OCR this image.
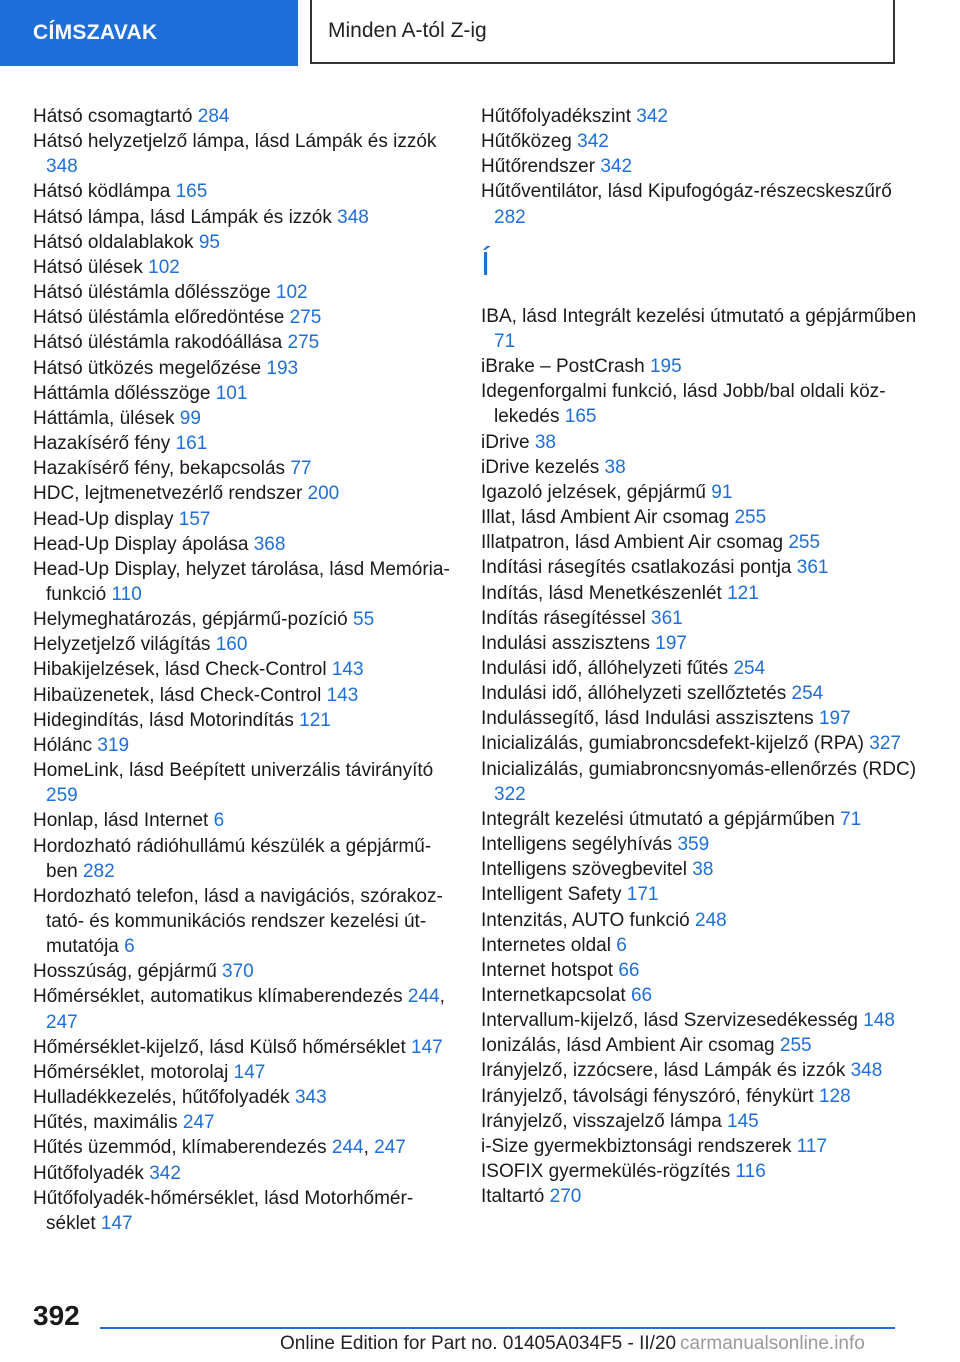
CÍMSZAVAK	Minden A-tól Z-ig
Hátsó csomagtartó 284
Hátsó helyzetjelző lámpa, lásd Lámpák és izzók 348
Hátsó ködlámpa 165
Hátsó lámpa, lásd Lámpák és izzók 348
Hátsó oldalablakok 95
Hátsó ülések 102
Hátsó üléstámla dőlésszöge 102
Hátsó üléstámla előredöntése 275
Hátsó üléstámla rakodóállása 275
Hátsó ütközés megelőzése 193
Háttámla dőlésszöge 101
Háttámla, ülések 99
Hazakísérő fény 161
Hazakísérő fény, bekapcsolás 77
HDC, lejtmenetvezérlő rendszer 200
Head-Up display 157
Head-Up Display ápolása 368
Head-Up Display, helyzet tárolása, lásd Memóriafunkció 110
Helymeghatározás, gépjármű-pozíció 55
Helyzetjelző világítás 160
Hibakijelzések, lásd Check-Control 143
Hibaüzenetek, lásd Check-Control 143
Hidegindítás, lásd Motorindítás 121
Hólánc 319
HomeLink, lásd Beépített univerzális távirányító 259
Honlap, lásd Internet 6
Hordozható rádióhullámú készülék a gépjárműben 282
Hordozható telefon, lásd a navigációs, szórakoztató- és kommunikációs rendszer kezelési útmutatója 6
Hosszúság, gépjármű 370
Hőmérséklet, automatikus klímaberendezés 244, 247
Hőmérséklet-kijelző, lásd Külső hőmérséklet 147
Hőmérséklet, motorolaj 147
Hulladékkezelés, hűtőfolyadék 343
Hűtés, maximális 247
Hűtés üzemmód, klímaberendezés 244, 247
Hűtőfolyadék 342
Hűtőfolyadék-hőmérséklet, lásd Motorhőmérséklet 147
Hűtőfolyadékszint 342
Hűtőközeg 342
Hűtőrendszer 342
Hűtőventilátor, lásd Kipufogógáz-részecskeszűrő 282
Í
IBA, lásd Integrált kezelési útmutató a gépjárműben 71
iBrake – PostCrash 195
Idegenforgalmi funkció, lásd Jobb/bal oldali közlekedés 165
iDrive 38
iDrive kezelés 38
Igazoló jelzések, gépjármű 91
Illat, lásd Ambient Air csomag 255
Illatpatron, lásd Ambient Air csomag 255
Indítási rásegítés csatlakozási pontja 361
Indítás, lásd Menetkészenlét 121
Indítás rásegítéssel 361
Indulási asszisztens 197
Indulási idő, állóhelyzeti fűtés 254
Indulási idő, állóhelyzeti szellőztetés 254
Indulássegítő, lásd Indulási asszisztens 197
Inicializálás, gumiabroncsdefekt-kijelző (RPA) 327
Inicializálás, gumiabroncsnyomás-ellenőrzés (RDC) 322
Integrált kezelési útmutató a gépjárműben 71
Intelligens segélyhívás 359
Intelligens szövegbevitel 38
Intelligent Safety 171
Intenzitás, AUTO funkció 248
Internetes oldal 6
Internet hotspot 66
Internetkapcsolat 66
Intervallum-kijelző, lásd Szervizesedékesség 148
Ionizálás, lásd Ambient Air csomag 255
Irányjelző, izzócsere, lásd Lámpák és izzók 348
Irányjelző, távolsági fényszóró, fénykürt 128
Irányjelző, visszajelző lámpa 145
i-Size gyermekbiztonsági rendszerek 117
ISOFIX gyermekülés-rögzítés 116
Italtartó 270
392
Online Edition for Part no. 01405A034F5 - II/20 carmanualsonline.info
